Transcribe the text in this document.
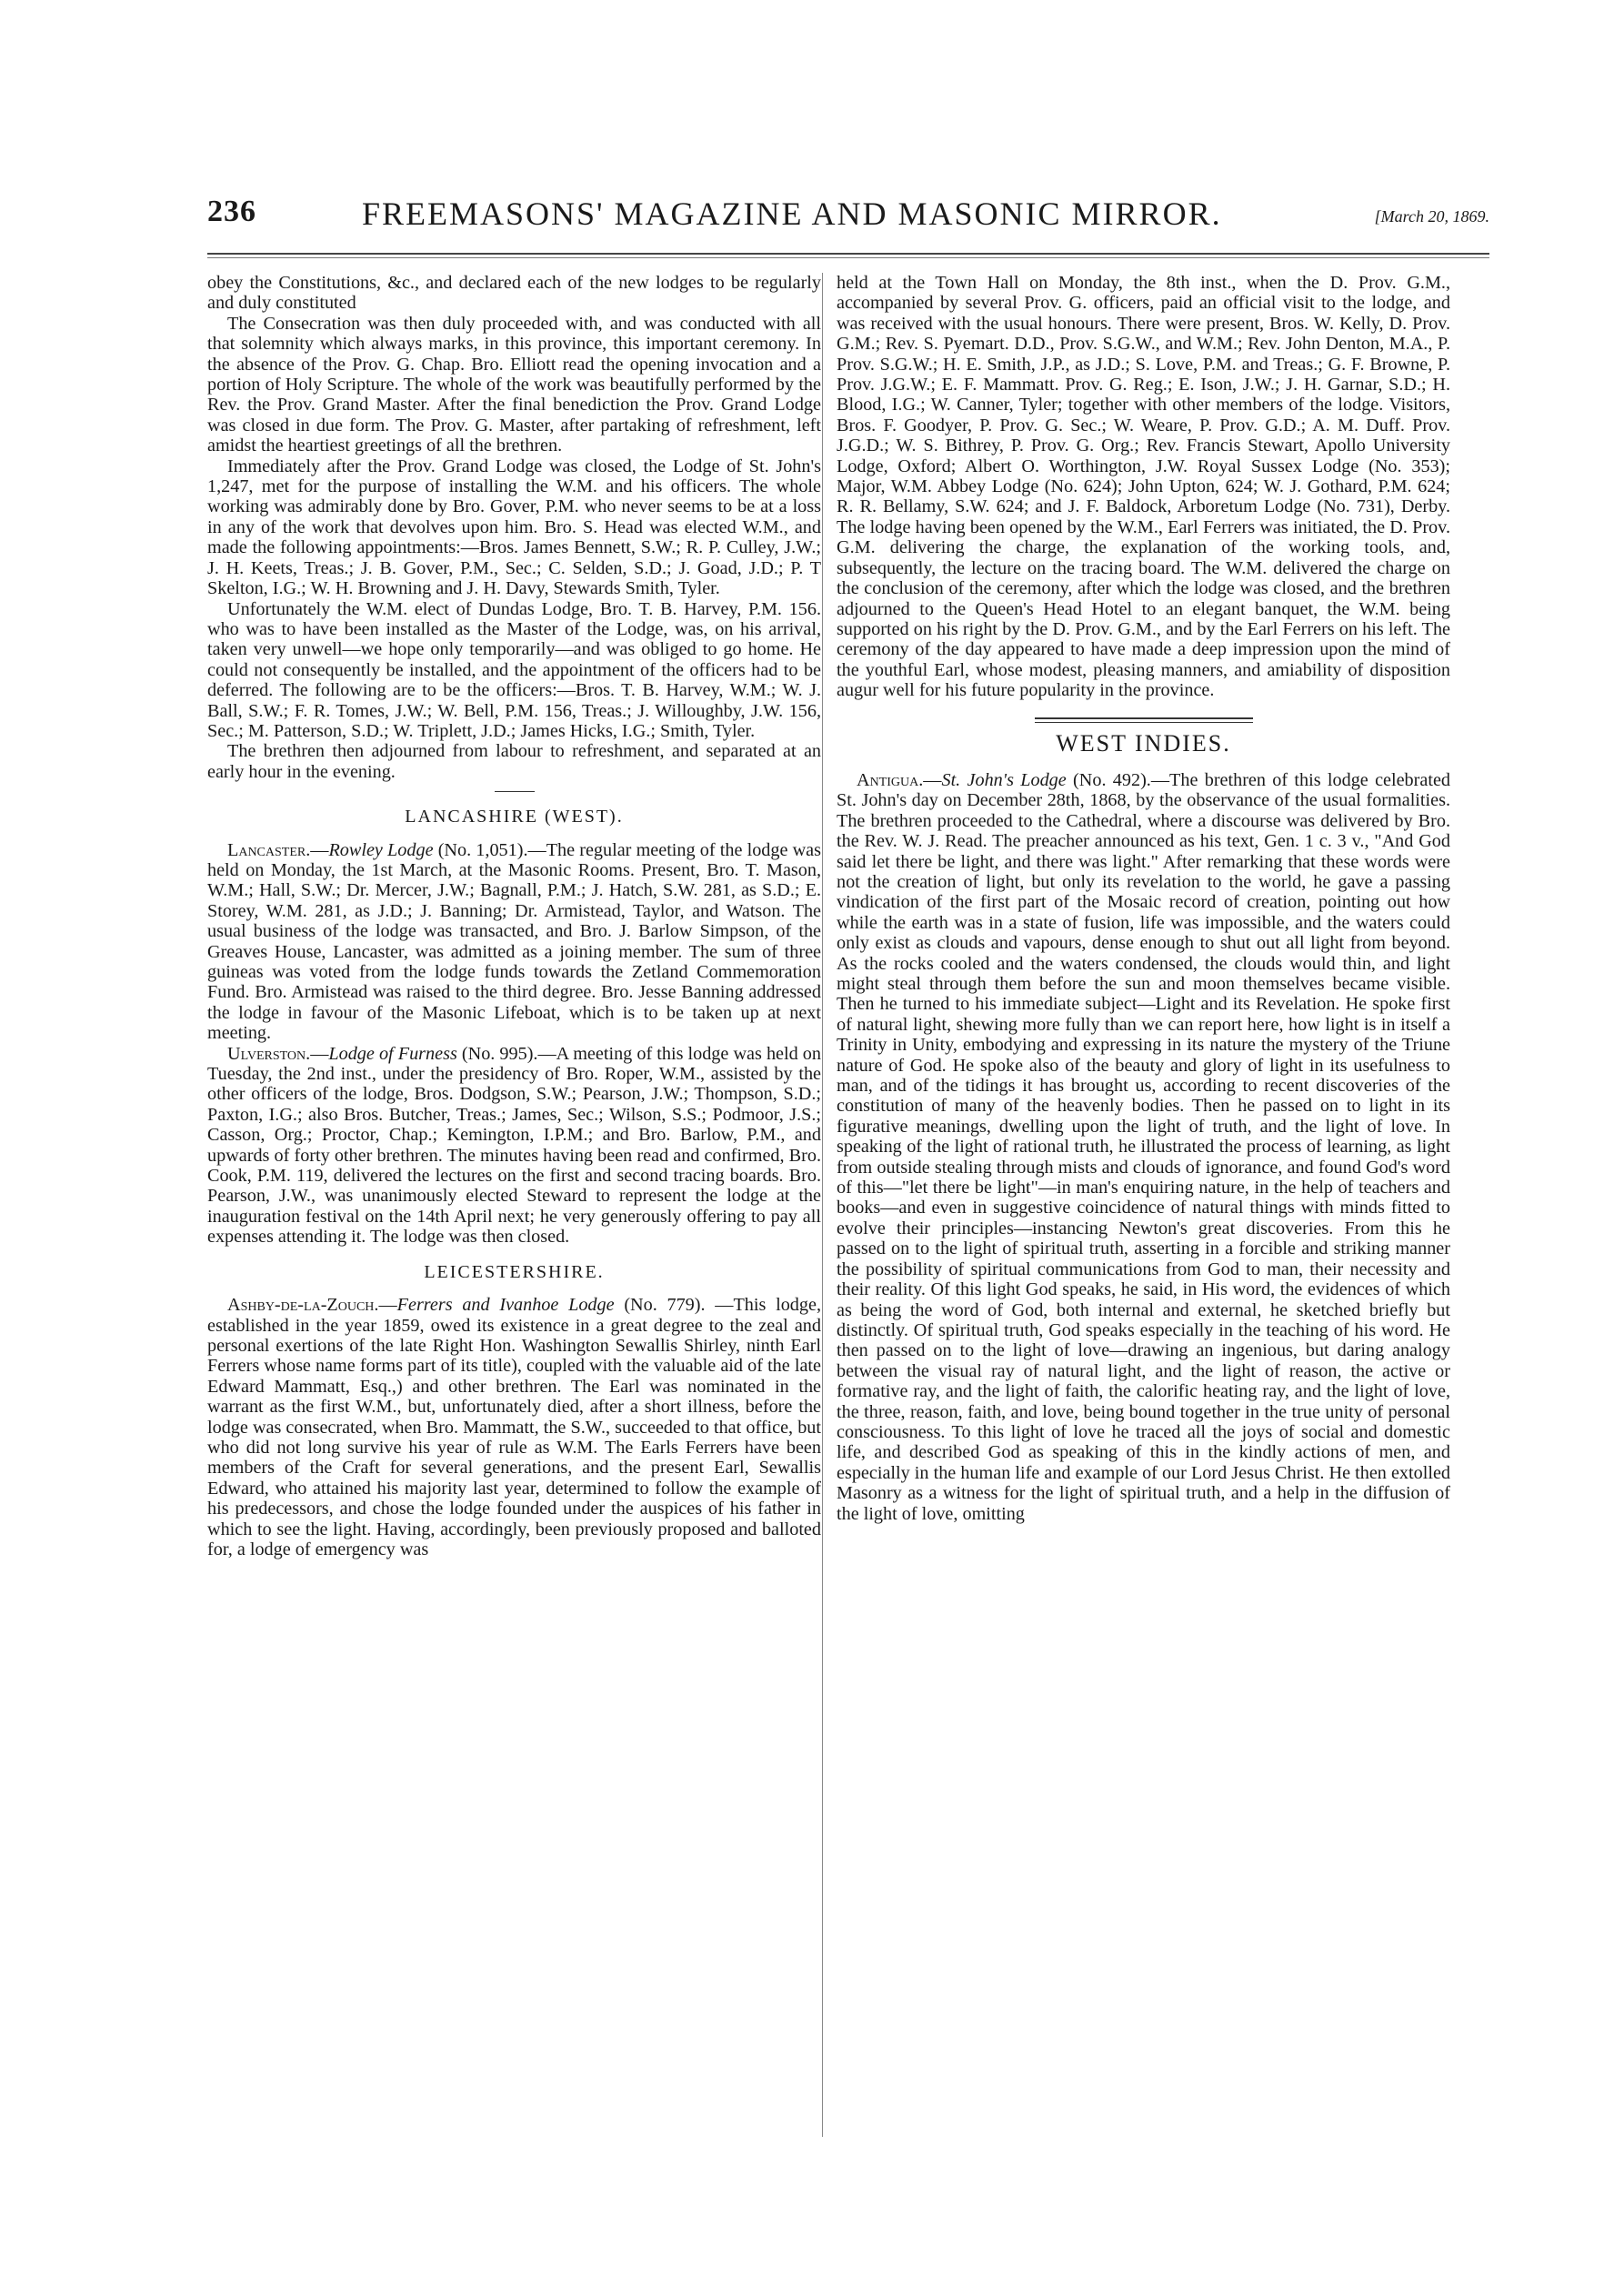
236	FREEMASONS' MAGAZINE AND MASONIC MIRROR.	[March 20, 1869.

obey the Constitutions, &c., and declared each of the new lodges to be regularly and duly constituted

The Consecration was then duly proceeded with, and was conducted with all that solemnity which always marks, in this province, this important ceremony. In the absence of the Prov. G. Chap. Bro. Elliott read the opening invocation and a portion of Holy Scripture. The whole of the work was beautifully performed by the Rev. the Prov. Grand Master. After the final benediction the Prov. Grand Lodge was closed in due form. The Prov. G. Master, after partaking of refreshment, left amidst the heartiest greetings of all the brethren.

Immediately after the Prov. Grand Lodge was closed, the Lodge of St. John's 1,247, met for the purpose of installing the W.M. and his officers. The whole working was admirably done by Bro. Gover, P.M. who never seems to be at a loss in any of the work that devolves upon him. Bro. S. Head was elected W.M., and made the following appointments:—Bros. James Bennett, S.W.; R. P. Culley, J.W.; J. H. Keets, Treas.; J. B. Gover, P.M., Sec.; C. Selden, S.D.; J. Goad, J.D.; P. T Skelton, I.G.; W. H. Browning and J. H. Davy, Stewards Smith, Tyler.

Unfortunately the W.M. elect of Dundas Lodge, Bro. T. B. Harvey, P.M. 156. who was to have been installed as the Master of the Lodge, was, on his arrival, taken very unwell—we hope only temporarily—and was obliged to go home. He could not consequently be installed, and the appointment of the officers had to be deferred. The following are to be the officers:—Bros. T. B. Harvey, W.M.; W. J. Ball, S.W.; F. R. Tomes, J.W.; W. Bell, P.M. 156, Treas.; J. Willoughby, J.W. 156, Sec.; M. Patterson, S.D.; W. Triplett, J.D.; James Hicks, I.G.; Smith, Tyler.

The brethren then adjourned from labour to refreshment, and separated at an early hour in the evening.

LANCASHIRE (WEST).

Lancaster.—Rowley Lodge (No. 1,051).—The regular meeting of the lodge was held on Monday, the 1st March, at the Masonic Rooms. Present, Bro. T. Mason, W.M.; Hall, S.W.; Dr. Mercer, J.W.; Bagnall, P.M.; J. Hatch, S.W. 281, as S.D.; E. Storey, W.M. 281, as J.D.; J. Banning; Dr. Armistead, Taylor, and Watson. The usual business of the lodge was transacted, and Bro. J. Barlow Simpson, of the Greaves House, Lancaster, was admitted as a joining member. The sum of three guineas was voted from the lodge funds towards the Zetland Commemoration Fund. Bro. Armistead was raised to the third degree. Bro. Jesse Banning addressed the lodge in favour of the Masonic Lifeboat, which is to be taken up at next meeting.

Ulverston.—Lodge of Furness (No. 995).—A meeting of this lodge was held on Tuesday, the 2nd inst., under the presidency of Bro. Roper, W.M., assisted by the other officers of the lodge, Bros. Dodgson, S.W.; Pearson, J.W.; Thompson, S.D.; Paxton, I.G.; also Bros. Butcher, Treas.; James, Sec.; Wilson, S.S.; Podmoor, J.S.; Casson, Org.; Proctor, Chap.; Kemington, I.P.M.; and Bro. Barlow, P.M., and upwards of forty other brethren. The minutes having been read and confirmed, Bro. Cook, P.M. 119, delivered the lectures on the first and second tracing boards. Bro. Pearson, J.W., was unanimously elected Steward to represent the lodge at the inauguration festival on the 14th April next; he very generously offering to pay all expenses attending it. The lodge was then closed.

LEICESTERSHIRE.

Ashby-de-la-Zouch.—Ferrers and Ivanhoe Lodge (No. 779). —This lodge, established in the year 1859, owed its existence in a great degree to the zeal and personal exertions of the late Right Hon. Washington Sewallis Shirley, ninth Earl Ferrers whose name forms part of its title), coupled with the valuable aid of the late Edward Mammatt, Esq.,) and other brethren. The Earl was nominated in the warrant as the first W.M., but, unfortunately died, after a short illness, before the lodge was consecrated, when Bro. Mammatt, the S.W., succeeded to that office, but who did not long survive his year of rule as W.M. The Earls Ferrers have been members of the Craft for several generations, and the present Earl, Sewallis Edward, who attained his majority last year, determined to follow the example of his predecessors, and chose the lodge founded under the auspices of his father in which to see the light. Having, accordingly, been previously proposed and balloted for, a lodge of emergency was

held at the Town Hall on Monday, the 8th inst., when the D. Prov. G.M., accompanied by several Prov. G. officers, paid an official visit to the lodge, and was received with the usual honours. There were present, Bros. W. Kelly, D. Prov. G.M.; Rev. S. Pyemart. D.D., Prov. S.G.W., and W.M.; Rev. John Denton, M.A., P. Prov. S.G.W.; H. E. Smith, J.P., as J.D.; S. Love, P.M. and Treas.; G. F. Browne, P. Prov. J.G.W.; E. F. Mammatt. Prov. G. Reg.; E. Ison, J.W.; J. H. Garnar, S.D.; H. Blood, I.G.; W. Canner, Tyler; together with other members of the lodge. Visitors, Bros. F. Goodyer, P. Prov. G. Sec.; W. Weare, P. Prov. G.D.; A. M. Duff. Prov. J.G.D.; W. S. Bithrey, P. Prov. G. Org.; Rev. Francis Stewart, Apollo University Lodge, Oxford; Albert O. Worthington, J.W. Royal Sussex Lodge (No. 353); Major, W.M. Abbey Lodge (No. 624); John Upton, 624; W. J. Gothard, P.M. 624; R. R. Bellamy, S.W. 624; and J. F. Baldock, Arboretum Lodge (No. 731), Derby. The lodge having been opened by the W.M., Earl Ferrers was initiated, the D. Prov. G.M. delivering the charge, the explanation of the working tools, and, subsequently, the lecture on the tracing board. The W.M. delivered the charge on the conclusion of the ceremony, after which the lodge was closed, and the brethren adjourned to the Queen's Head Hotel to an elegant banquet, the W.M. being supported on his right by the D. Prov. G.M., and by the Earl Ferrers on his left. The ceremony of the day appeared to have made a deep impression upon the mind of the youthful Earl, whose modest, pleasing manners, and amiability of disposition augur well for his future popularity in the province.

WEST INDIES.

Antigua.—St. John's Lodge (No. 492).—The brethren of this lodge celebrated St. John's day on December 28th, 1868, by the observance of the usual formalities. The brethren proceeded to the Cathedral, where a discourse was delivered by Bro. the Rev. W. J. Read. The preacher announced as his text, Gen. 1 c. 3 v., "And God said let there be light, and there was light." After remarking that these words were not the creation of light, but only its revelation to the world, he gave a passing vindication of the first part of the Mosaic record of creation, pointing out how while the earth was in a state of fusion, life was impossible, and the waters could only exist as clouds and vapours, dense enough to shut out all light from beyond. As the rocks cooled and the waters condensed, the clouds would thin, and light might steal through them before the sun and moon themselves became visible. Then he turned to his immediate subject—Light and its Revelation. He spoke first of natural light, shewing more fully than we can report here, how light is in itself a Trinity in Unity, embodying and expressing in its nature the mystery of the Triune nature of God. He spoke also of the beauty and glory of light in its usefulness to man, and of the tidings it has brought us, according to recent discoveries of the constitution of many of the heavenly bodies. Then he passed on to light in its figurative meanings, dwelling upon the light of truth, and the light of love. In speaking of the light of rational truth, he illustrated the process of learning, as light from outside stealing through mists and clouds of ignorance, and found God's word of this—"let there be light"—in man's enquiring nature, in the help of teachers and books—and even in suggestive coincidence of natural things with minds fitted to evolve their principles—instancing Newton's great discoveries. From this he passed on to the light of spiritual truth, asserting in a forcible and striking manner the possibility of spiritual communications from God to man, their necessity and their reality. Of this light God speaks, he said, in His word, the evidences of which as being the word of God, both internal and external, he sketched briefly but distinctly. Of spiritual truth, God speaks especially in the teaching of his word. He then passed on to the light of love—drawing an ingenious, but daring analogy between the visual ray of natural light, and the light of reason, the active or formative ray, and the light of faith, the calorific heating ray, and the light of love, the three, reason, faith, and love, being bound together in the true unity of personal consciousness. To this light of love he traced all the joys of social and domestic life, and described God as speaking of this in the kindly actions of men, and especially in the human life and example of our Lord Jesus Christ. He then extolled Masonry as a witness for the light of spiritual truth, and a help in the diffusion of the light of love, omitting
